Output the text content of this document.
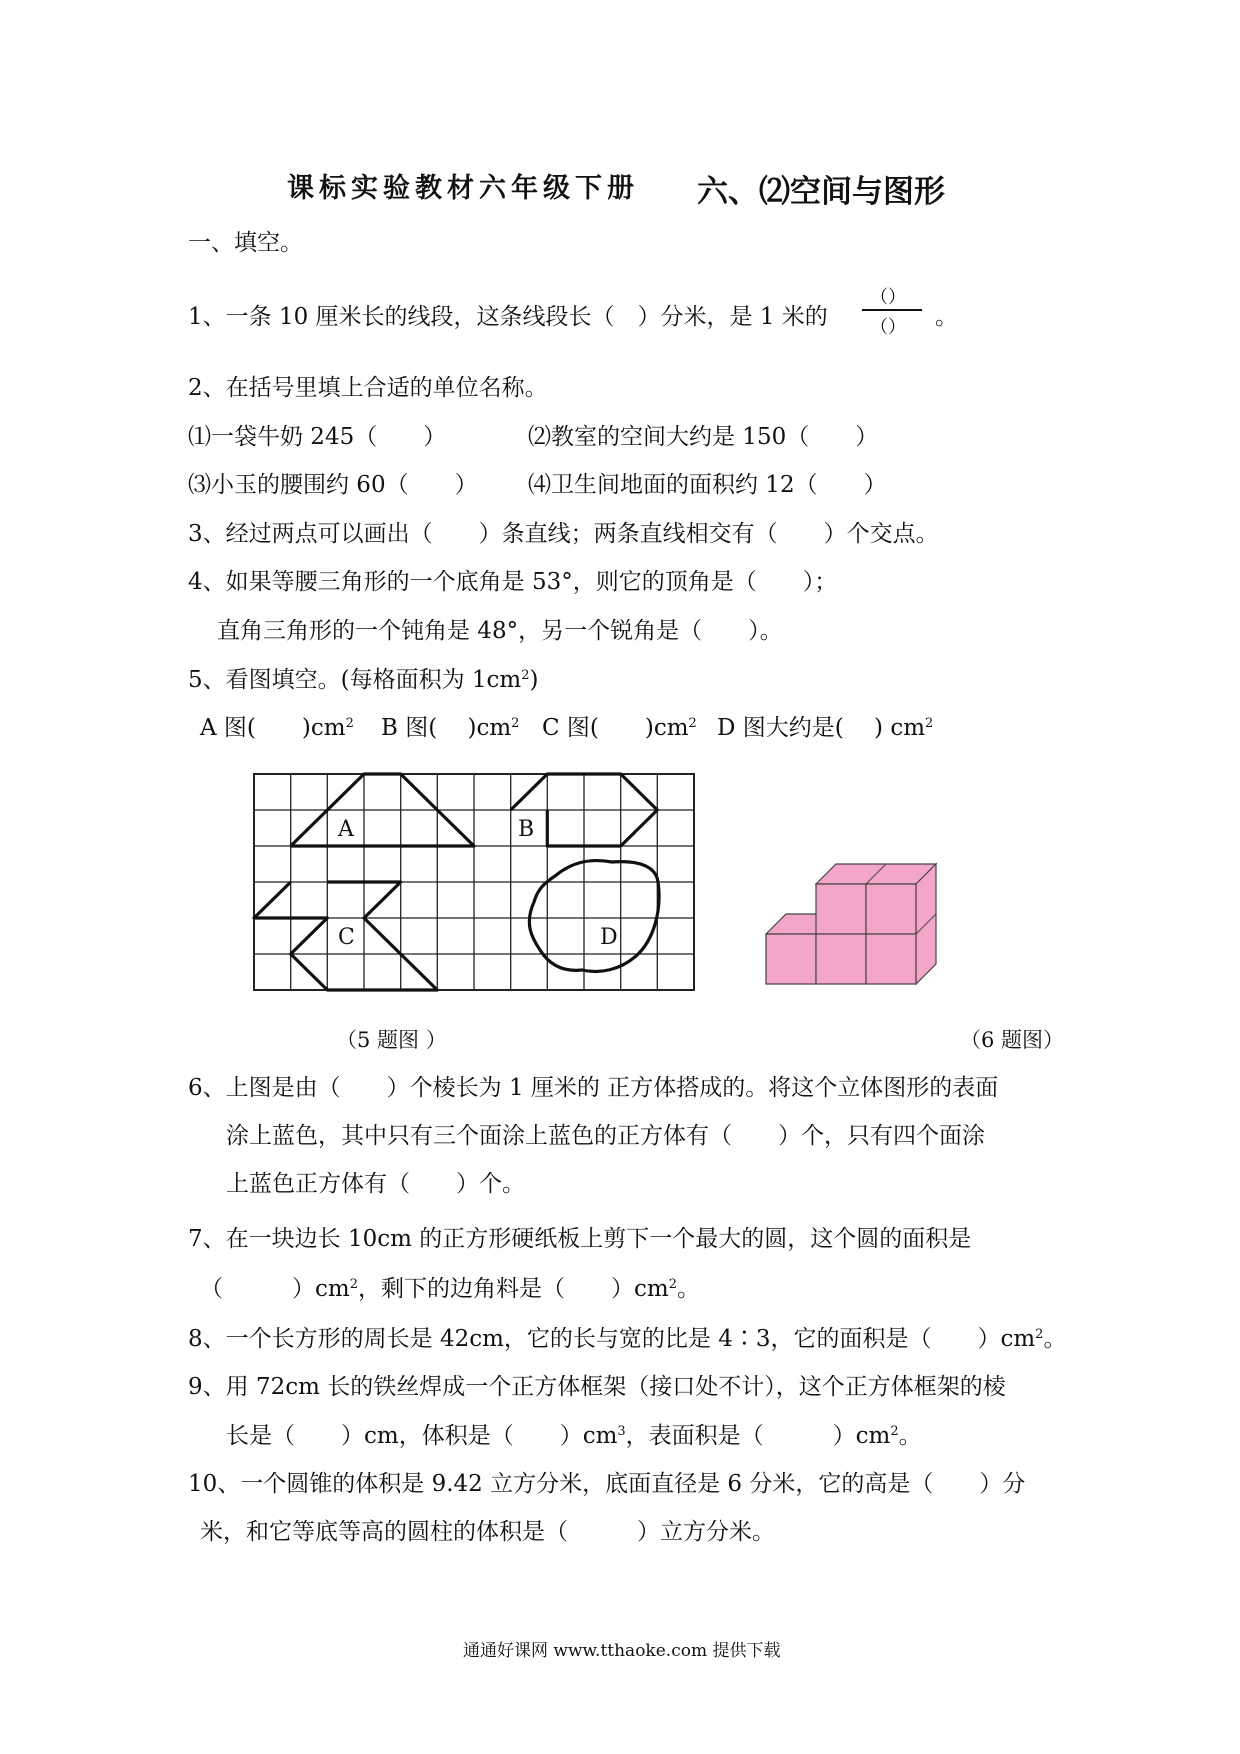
课标实验教材六年级下册 六、⑵空间与图形
一、填空。
1、一条 10 厘米长的线段，这条线段长（　）分米，是 1 米的
（）
（） 。
2、在括号里填上合适的单位名称。
⑴一袋牛奶 245（　　）	⑵教室的空间大约是 150（　　）
⑶小玉的腰围约 60（　　） ⑷卫生间地面的面积约 12（　　）
3、经过两点可以画出（　　）条直线；两条直线相交有（　　）个交点。
4、如果等腰三角形的一个底角是 53°，则它的顶角是（　　）；
直角三角形的一个钝角是 48°，另一个锐角是（　　）。
5、看图填空。(每格面积为 $1cm^2$)
A 图(　　)$cm^2$ B 图(　 )$cm^2$ C 图(　　)$cm^2$ D 图大约是(　 ) $cm^2$
A	B
C	D
（5 题图 ）	（6 题图）
6、上图是由（　　）个棱长为 1 厘米的 正方体搭成的。将这个立体图形的表面
涂上蓝色，其中只有三个面涂上蓝色的正方体有（　　）个，只有四个面涂
上蓝色正方体有（　　）个。
7、在一块边长 10cm 的正方形硬纸板上剪下一个最大的圆，这个圆的面积是
（　　　）$cm^2$，剩下的边角料是（　　）$cm^2$。
8、一个长方形的周长是 42cm，它的长与宽的比是 4∶3，它的面积是（　　）$cm^2$。
9、用 72cm 长的铁丝焊成一个正方体框架（接口处不计），这个正方体框架的棱
长是（　　）cm，体积是（　　）$cm^3$，表面积是（　　　）$cm^2$。
10、一个圆锥的体积是 9.42 立方分米，底面直径是 6 分米，它的高是（　　）分
米，和它等底等高的圆柱的体积是（　　　）立方分米。
通通好课网 www.tthaoke.com 提供下载
